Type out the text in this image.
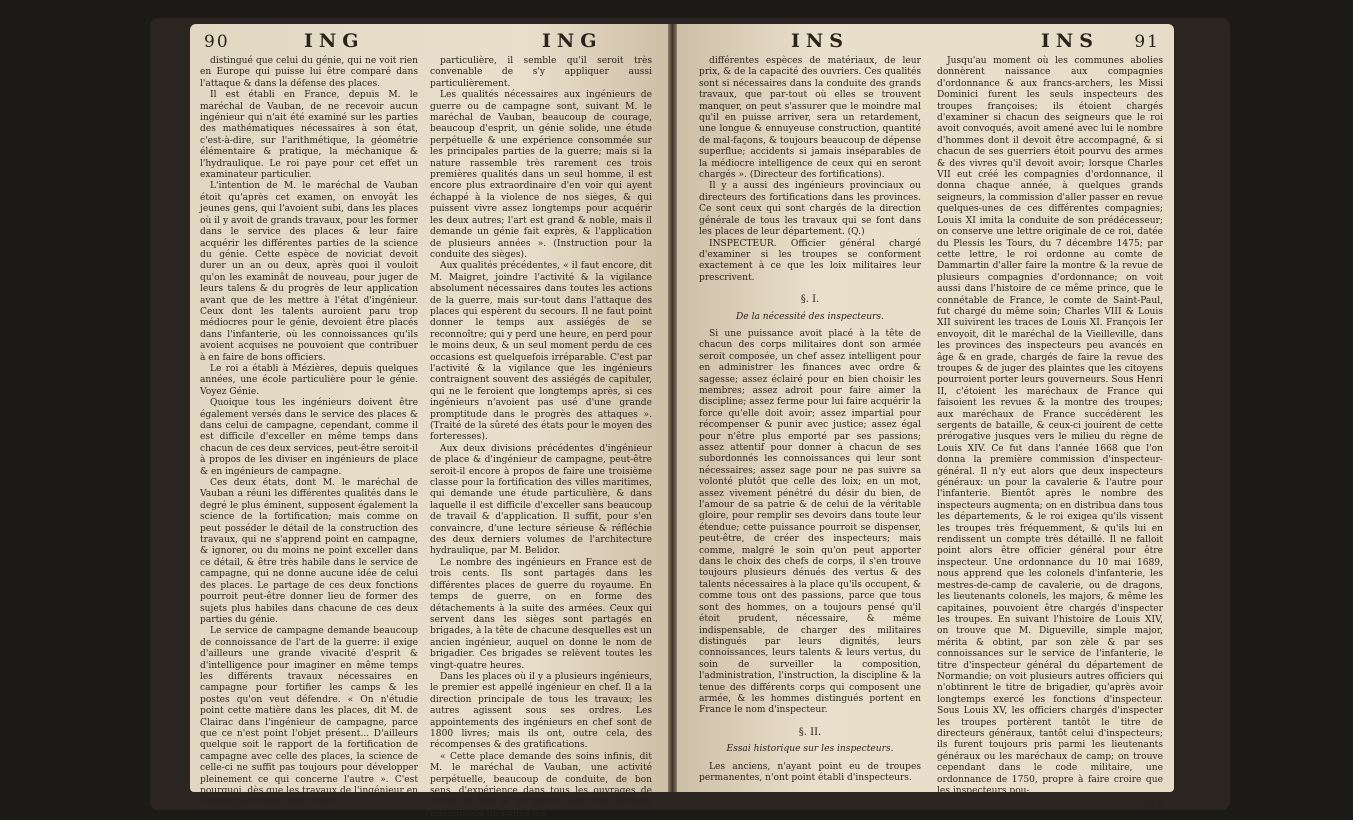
90	ING	ING

distingué que celui du génie, qui ne voit rien en Europe qui puisse lui être comparé dans l'attaque & dans la défense des places.

Il est établi en France, depuis M. le maréchal de Vauban, de ne recevoir aucun ingénieur qui n'ait été examiné sur les parties des mathématiques nécessaires à son état, c'est-à-dire, sur l'arithmétique, la géométrie élémentaire & pratique, la méchanique & l'hydraulique. Le roi paye pour cet effet un examinateur particulier.

L'intention de M. le maréchal de Vauban étoit qu'après cet examen, on envoyât les jeunes gens, qui l'avoient subi, dans les places où il y avoit de grands travaux, pour les former dans le service des places & leur faire acquérir les différentes parties de la science du génie. Cette espèce de noviciat devoit durer un an ou deux, après quoi il vouloit qu'on les examinât de nouveau, pour juger de leurs talens & du progrès de leur application avant que de les mettre à l'état d'ingénieur. Ceux dont les talents auroient paru trop médiocres pour le génie, devoient être placés dans l'infanterie, où les connoissances qu'ils avoient acquises ne pouvoient que contribuer à en faire de bons officiers.

Le roi a établi à Mézières, depuis quelques années, une école particulière pour le génie. Voyez Génie.

Quoique tous les ingénieurs doivent être également versés dans le service des places & dans celui de campagne, cependant, comme il est difficile d'exceller en même temps dans chacun de ces deux services, peut-être seroit-il à propos de les diviser en ingénieurs de place & en ingénieurs de campagne.

Ces deux états, dont M. le maréchal de Vauban a réuni les différentes qualités dans le degré le plus éminent, supposent également la science de la fortification; mais comme on peut posséder le détail de la construction des travaux, qui ne s'apprend point en campagne, & ignorer, ou du moins ne point exceller dans ce détail, & être très habile dans le service de campagne, qui ne donne aucune idée de celui des places. Le partage de ces deux fonctions pourroit peut-être donner lieu de former des sujets plus habiles dans chacune de ces deux parties du génie.

Le service de campagne demande beaucoup de connoissance de l'art de la guerre: il exige d'ailleurs une grande vivacité d'esprit & d'intelligence pour imaginer en même temps les différents travaux nécessaires en campagne pour fortifier les camps & les postes qu'on veut défendre. « On n'étudie point cette matière dans les places, dit M. de Clairac dans l'ingénieur de campagne, parce que ce n'est point l'objet présent... D'ailleurs quelque soit le rapport de la fortification de campagne avec celle des places, la science de celle-ci ne suffit pas toujours pour développer pleinement ce qui concerne l'autre ». C'est pourquoi, dès que les travaux de l'ingénieur en campagne exigent une étude

particulière, il semble qu'il seroit très convenable de s'y appliquer aussi particulièrement.

Les qualités nécessaires aux ingénieurs de guerre ou de campagne sont, suivant M. le maréchal de Vauban, beaucoup de courage, beaucoup d'esprit, un génie solide, une étude perpétuelle & une expérience consommée sur les principales parties de la guerre; mais si la nature rassemble très rarement ces trois premières qualités dans un seul homme, il est encore plus extraordinaire d'en voir qui ayent échappé à la violence de nos sièges, & qui puissent vivre assez longtemps pour acquérir les deux autres; l'art est grand & noble, mais il demande un génie fait exprès, & l'application de plusieurs années ». (Instruction pour la conduite des sièges).

Aux qualités précédentes, « il faut encore, dit M. Maigret, joindre l'activité & la vigilance absolument nécessaires dans toutes les actions de la guerre, mais sur-tout dans l'attaque des places qui espèrent du secours. Il ne faut point donner le temps aux assiégés de se reconnoître; qui y perd une heure, en perd pour le moins deux, & un seul moment perdu de ces occasions est quelquefois irréparable. C'est par l'activité & la vigilance que les ingénieurs contraignent souvent des assiégés de capituler, qui ne le feroient que longtemps après, si ces ingénieurs n'avoient pas usé d'une grande promptitude dans le progrès des attaques ». (Traité de la sûreté des états pour le moyen des forteresses).

Aux deux divisions précédentes d'ingénieur de place & d'ingénieur de campagne, peut-être seroit-il encore à propos de faire une troisième classe pour la fortification des villes maritimes, qui demande une étude particulière, & dans laquelle il est difficile d'exceller sans beaucoup de travail & d'application. Il suffit, pour s'en convaincre, d'une lecture sérieuse & réfléchie des deux derniers volumes de l'architecture hydraulique, par M. Belidor.

Le nombre des ingénieurs en France est de trois cents. Ils sont partagés dans les différentes places de guerre du royaume. En temps de guerre, on en forme des détachements à la suite des armées. Ceux qui servent dans les sièges sont partagés en brigades, à la tête de chacune desquelles est un ancien ingénieur, auquel on donne le nom de brigadier. Ces brigades se relèvent toutes les vingt-quatre heures.

Dans les places où il y a plusieurs ingénieurs, le premier est appellé ingénieur en chef. Il a la direction principale de tous les travaux; les autres agissent sous ses ordres. Les appointements des ingénieurs en chef sont de 1800 livres; mais ils ont, outre cela, des récompenses & des gratifications.

« Cette place demande des soins infinis, dit M. le maréchal de Vauban, une activité perpétuelle, beaucoup de conduite, de bon sens, d'expérience dans tous les ouvrages de terre, de bois & de pierre, avec une parfaite intelligence de toutes les

INS	INS 91

différentes espèces de matériaux, de leur prix, & de la capacité des ouvriers. Ces qualités sont si nécessaires dans la conduite des grands travaux, que par-tout où elles se trouvent manquer, on peut s'assurer que le moindre mal qu'il en puisse arriver, sera un retardement, une longue & ennuyeuse construction, quantité de mal-façons, & toujours beaucoup de dépense superflue; accidents si jamais inséparables de la médiocre intelligence de ceux qui en seront chargés ». (Directeur des fortifications).

Il y a aussi des ingénieurs provinciaux ou directeurs des fortifications dans les provinces. Ce sont ceux qui sont chargés de la direction générale de tous les travaux qui se font dans les places de leur département. (Q.)

INSPECTEUR. Officier général chargé d'examiner si les troupes se conforment exactement à ce que les loix militaires leur prescrivent.

§. I.

De la nécessité des inspecteurs.

Si une puissance avoit placé à la tête de chacun des corps militaires dont son armée seroit composée, un chef assez intelligent pour en administrer les finances avec ordre & sagesse; assez éclairé pour en bien choisir les membres; assez adroit pour faire aimer la discipline; assez ferme pour lui faire acquérir la force qu'elle doit avoir; assez impartial pour récompenser & punir avec justice; assez égal pour n'être plus emporté par ses passions; assez attentif pour donner à chacun de ses subordonnés les connoissances qui leur sont nécessaires; assez sage pour ne pas suivre sa volonté plutôt que celle des loix; en un mot, assez vivement pénétré du désir du bien, de l'amour de sa patrie & de celui de la véritable gloire, pour remplir ses devoirs dans toute leur étendue; cette puissance pourroit se dispenser, peut-être, de créer des inspecteurs; mais comme, malgré le soin qu'on peut apporter dans le choix des chefs de corps, il s'en trouve toujours plusieurs dénués des vertus & des talents nécessaires à la place qu'ils occupent, & comme tous ont des passions, parce que tous sont des hommes, on a toujours pensé qu'il étoit prudent, nécessaire, & même indispensable, de charger des militaires distingués par leurs dignités, leurs connoissances, leurs talents & leurs vertus, du soin de surveiller la composition, l'administration, l'instruction, la discipline & la tenue des différents corps qui composent une armée, & les hommes distingués portent en France le nom d'inspecteur.

§. II.

Essai historique sur les inspecteurs.

Les anciens, n'ayant point eu de troupes permanentes, n'ont point établi d'inspecteurs.

Jusqu'au moment où les communes abolies donnèrent naissance aux compagnies d'ordonnance & aux francs-archers, les Missi Dominici furent les seuls inspecteurs des troupes françoises; ils étoient chargés d'examiner si chacun des seigneurs que le roi avoit convoqués, avoit amené avec lui le nombre d'hommes dont il devoit être accompagné, & si chacun de ses guerriers étoit pourvu des armes & des vivres qu'il devoit avoir; lorsque Charles VII eut créé les compagnies d'ordonnance, il donna chaque année, à quelques grands seigneurs, la commission d'aller passer en revue quelques-unes de ces différentes compagnies; Louis XI imita la conduite de son prédécesseur; on conserve une lettre originale de ce roi, datée du Plessis les Tours, du 7 décembre 1475; par cette lettre, le roi ordonne au comte de Dammartin d'aller faire la montre & la revue de plusieurs compagnies d'ordonnance; on voit aussi dans l'histoire de ce même prince, que le connétable de France, le comte de Saint-Paul, fut chargé du même soin; Charles VIII & Louis XII suivirent les traces de Louis XI. François Ier envoyoit, dit le maréchal de la Vieilleville, dans les provinces des inspecteurs peu avancés en âge & en grade, chargés de faire la revue des troupes & de juger des plaintes que les citoyens pourroient porter leurs gouverneurs. Sous Henri II, c'étoient les maréchaux de France qui faisoient les revues & la montre des troupes; aux maréchaux de France succédèrent les sergents de bataille, & ceux-ci jouirent de cette prérogative jusques vers le milieu du règne de Louis XIV. Ce fut dans l'année 1668 que l'on donna la première commission d'inspecteur-général. Il n'y eut alors que deux inspecteurs généraux: un pour la cavalerie & l'autre pour l'infanterie. Bientôt après le nombre des inspecteurs augmenta; on en distribua dans tous les départements, & le roi exigea qu'ils vissent les troupes très fréquemment, & qu'ils lui en rendissent un compte très détaillé. Il ne falloit point alors être officier général pour être inspecteur. Une ordonnance du 10 mai 1689, nous apprend que les colonels d'infanterie, les mestres-de-camp de cavalerie, ou de dragons, les lieutenants colonels, les majors, & même les capitaines, pouvoient être chargés d'inspecter les troupes. En suivant l'histoire de Louis XIV, on trouve que M. Digueville, simple major, mérita & obtint, par son zèle & par ses connoissances sur le service de l'infanterie, le titre d'inspecteur général du département de Normandie; on voit plusieurs autres officiers qui n'obtinrent le titre de brigadier, qu'après avoir longtemps exercé les fonctions d'inspecteur. Sous Louis XV, les officiers chargés d'inspecter les troupes portèrent tantôt le titre de directeurs généraux, tantôt celui d'inspecteurs; ils furent toujours pris parmi les lieutenants généraux ou les maréchaux de camp; on trouve cependant dans le code militaire, une ordonnance de 1750, propre à faire croire que les inspecteurs pou-

M ij
